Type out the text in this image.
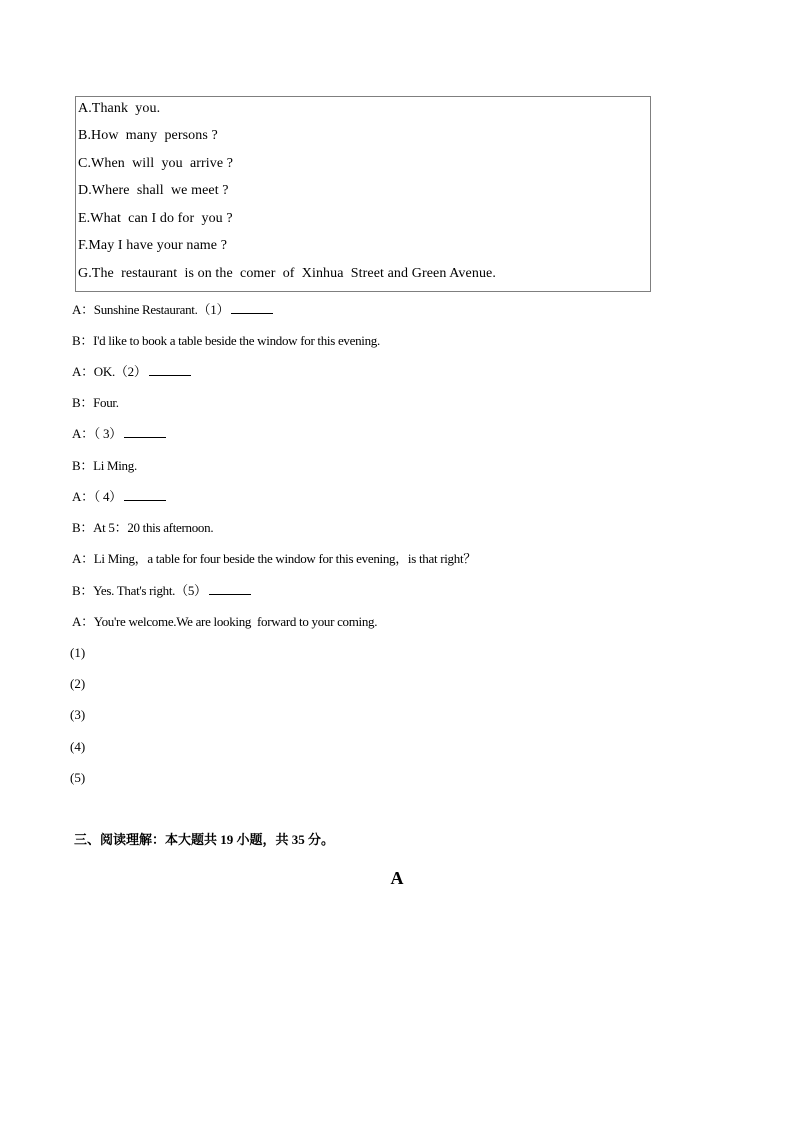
A.Thank  you.
B.How  many  persons ?
C.When  will  you  arrive ?
D.Where  shall  we meet ?
E.What  can I do for  you ?
F.May I have your name ?
G.The  restaurant  is on the  comer  of  Xinhua  Street and Green Avenue.
A：Sunshine Restaurant.（1）
B：I'd like to book a table beside the window for this evening.
A：OK.（2）
B：Four.
A：（ 3）
B：Li Ming.
A：（ 4）
B：At 5：20 this afternoon.
A：Li Ming，a table for four beside the window for this evening，is that right？
B：Yes. That's right.（5）
A：You're welcome.We are looking  forward to your coming.
(1)
(2)
(3)
(4)
(5)
三、阅读理解：本大题共 19 小题，共 35 分。
A
